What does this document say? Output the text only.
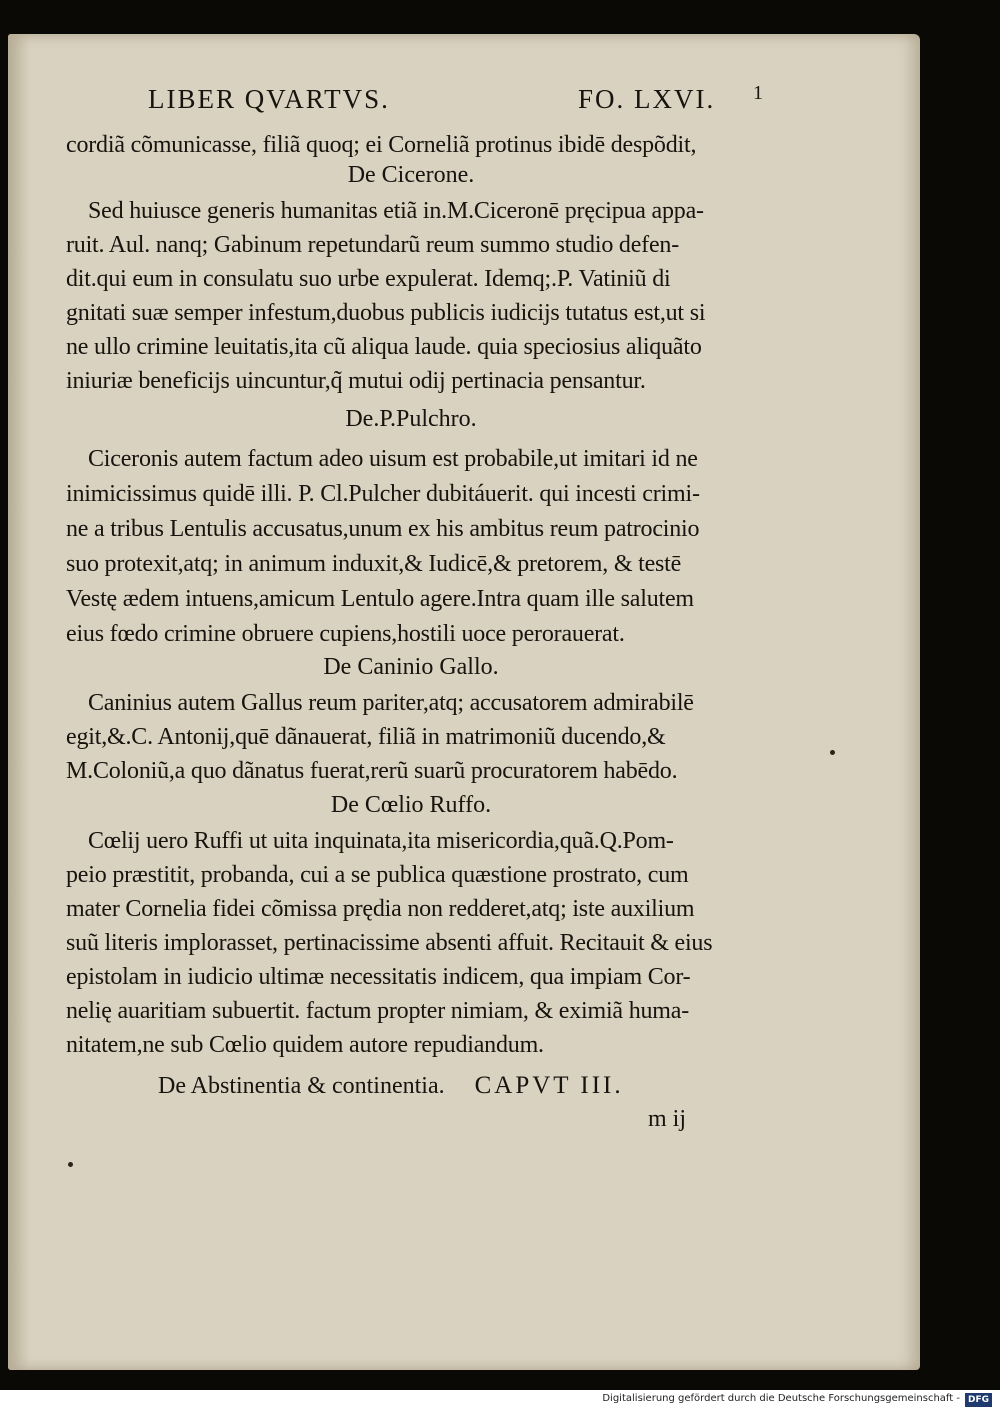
LIBER QVARTVS.	FO. LXVI. 1
cordiã cõmunicasse, filiã quoq; ei Corneliã protinus ibidē despõdit,
De Cicerone.
Sed huiusce generis humanitas etiã in.M.Ciceronē pręcipua appa-
ruit. Aul. nanq; Gabinum repetundarũ reum summo studio defen-
dit.qui eum in consulatu suo urbe expulerat. Idemq;.P. Vatiniũ di
gnitati suæ semper infestum,duobus publicis iudicijs tutatus est,ut si
ne ullo crimine leuitatis,ita cũ aliqua laude. quia speciosius aliquãto
iniuriæ beneficijs uincuntur,q̃ mutui odij pertinacia pensantur.
De.P.Pulchro.
Ciceronis autem factum adeo uisum est probabile,ut imitari id ne
inimicissimus quidē illi. P. Cl.Pulcher dubitáuerit. qui incesti crimi-
ne a tribus Lentulis accusatus,unum ex his ambitus reum patrocinio
suo protexit,atq; in animum induxit,& Iudicē,& pretorem, & testē
Vestę ædem intuens,amicum Lentulo agere.Intra quam ille salutem
eius fœdo crimine obruere cupiens,hostili uoce perorauerat.
De Caninio Gallo.
Caninius autem Gallus reum pariter,atq; accusatorem admirabilē
egit,&.C. Antonij,quē dãnauerat, filiã in matrimoniũ ducendo,&
M.Coloniũ,a quo dãnatus fuerat,rerũ suarũ procuratorem habēdo.
De Cœlio Ruffo.
Cœlij uero Ruffi ut uita inquinata,ita misericordia,quã.Q.Pom-
peio præstitit, probanda, cui a se publica quæstione prostrato, cum
mater Cornelia fidei cõmissa prędia non redderet,atq; iste auxilium
suũ literis implorasset, pertinacissime absenti affuit. Recitauit & eius
epistolam in iudicio ultimæ necessitatis indicem, qua impiam Cor-
nelię auaritiam subuertit. factum propter nimiam, & eximiã huma-
nitatem,ne sub Cœlio quidem autore repudiandum.
De Abstinentia & continentia. CAPVT III.
m ij
Digitalisierung gefördert durch die Deutsche Forschungsgemeinschaft - DFG
